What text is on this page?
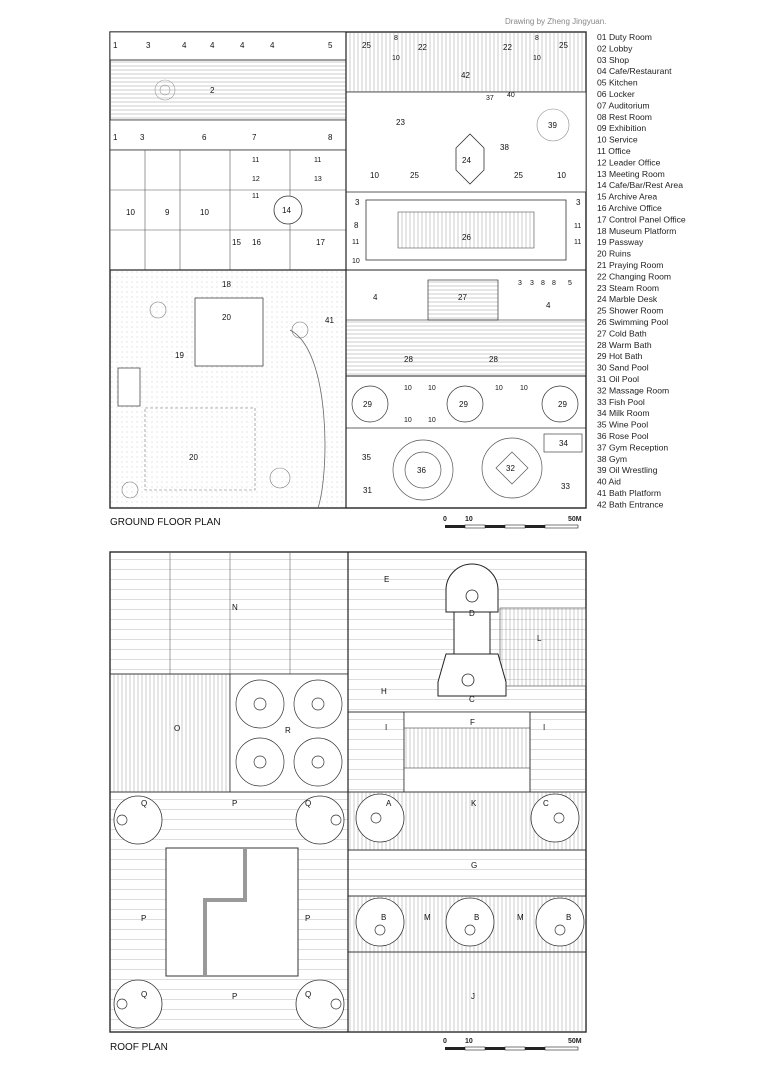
Drawing by Zheng Jingyuan.
1	3	4	4	4	4	5	25
8
10
22	22
8
10
25
2
42
37 40
23	39
1	3	6	7	8
38
24
11
12	13
11
11
10	25	25	10
10	9	10	14
3
8
11
3
11
15 16	17
26
11
10
18	3 3 8 8 5
4
4
27
20	41
19	28	28
29
10 10
29
10 10
29
10 10
20
34
35
36	32
31	33
GROUND FLOOR PLAN	0	10	50M
01 Duty Room
02 Lobby
03 Shop
04 Cafe/Restaurant
05 Kitchen
06 Locker
07 Auditorium
08 Rest Room
09 Exhibition
10 Service
11 Office
12 Leader Office
13 Meeting Room
14 Cafe/Bar/Rest Area
15 Archive Area
16 Archive Office
17 Control Panel Office
18 Museum Platform
19 Passway
20 Ruins
21 Praying Room
22 Changing Room
23 Steam Room
24 Marble Desk
25 Shower Room
26 Swimming Pool
27 Cold Bath
28 Warm Bath
29 Hot Bath
30 Sand Pool
31 Oil Pool
32 Massage Room
33 Fish Pool
34 Milk Room
35 Wine Pool
36 Rose Pool
37 Gym Reception
38 Gym
39 Oil Wrestling
40 Aid
41 Bath Platform
42 Bath Entrance
E
N
D
L
H
C
O	R	I
F
I
Q	P	Q	A	K	C
G
P	P	B	M	B	M	B
Q	P	Q	J
ROOF PLAN
0	10	50M
